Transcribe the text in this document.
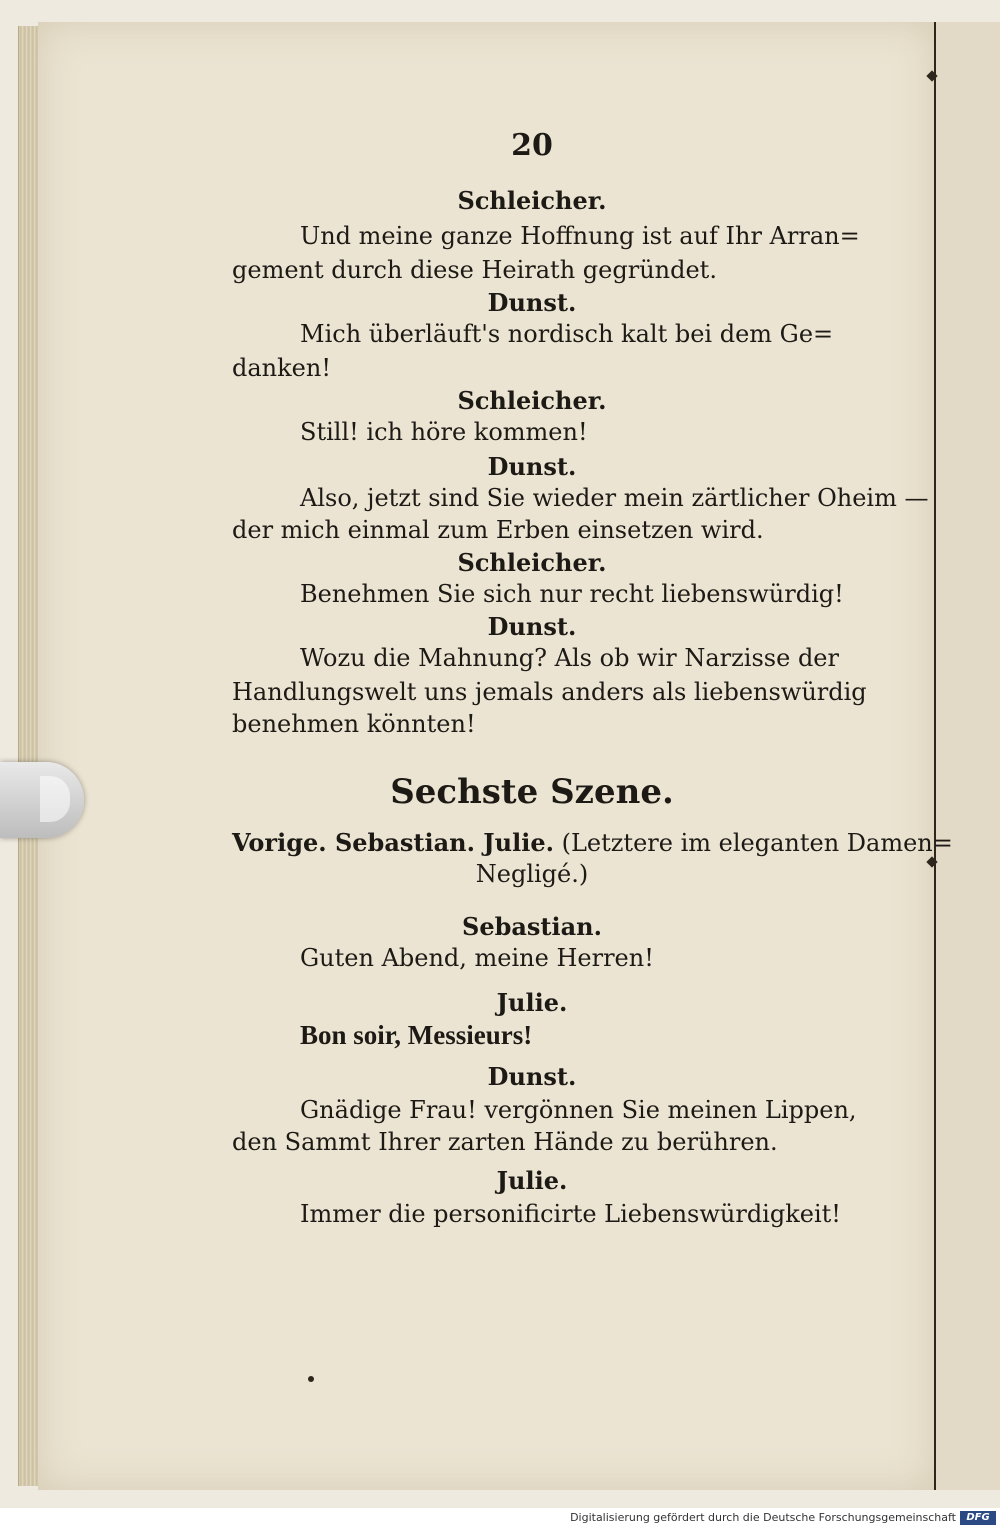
20
Schleicher.
Und meine ganze Hoffnung ist auf Ihr Arran=
gement durch diese Heirath gegründet.
Dunst.
Mich überläuft's nordisch kalt bei dem Ge=
danken!
Schleicher.
Still! ich höre kommen!
Dunst.
Also, jetzt sind Sie wieder mein zärtlicher Oheim —
der mich einmal zum Erben einsetzen wird.
Schleicher.
Benehmen Sie sich nur recht liebenswürdig!
Dunst.
Wozu die Mahnung? Als ob wir Narzisse der
Handlungswelt uns jemals anders als liebenswürdig
benehmen könnten!
Sechste Szene.
Vorige. Sebastian. Julie. (Letztere im eleganten Damen=
Negligé.)
Sebastian.
Guten Abend, meine Herren!
Julie.
Bon soir, Messieurs!
Dunst.
Gnädige Frau! vergönnen Sie meinen Lippen,
den Sammt Ihrer zarten Hände zu berühren.
Julie.
Immer die personificirte Liebenswürdigkeit!
Digitalisierung gefördert durch die Deutsche Forschungsgemeinschaft	DFG
